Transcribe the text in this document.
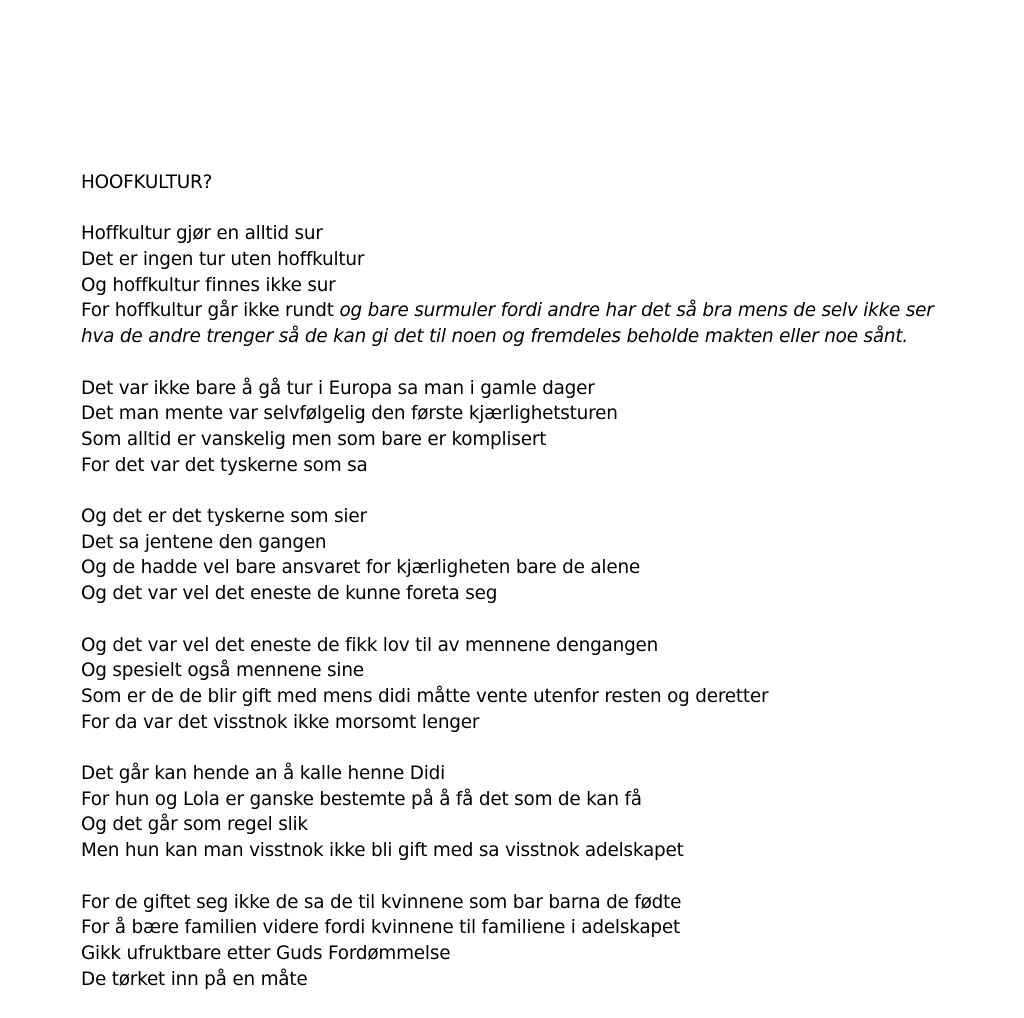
HOOFKULTUR?
Hoffkultur gjør en alltid sur
Det er ingen tur uten hoffkultur
Og hoffkultur finnes ikke sur
For hoffkultur går ikke rundt og bare surmuler fordi andre har det så bra mens de selv ikke ser hva de andre trenger så de kan gi det til noen og fremdeles beholde makten eller noe sånt.
Det var ikke bare å gå tur i Europa sa man i gamle dager
Det man mente var selvfølgelig den første kjærlighetsturen
Som alltid er vanskelig men som bare er komplisert
For det var det tyskerne som sa
Og det er det tyskerne som sier
Det sa jentene den gangen
Og de hadde vel bare ansvaret for kjærligheten bare de alene
Og det var vel det eneste de kunne foreta seg
Og det var vel det eneste de fikk lov til av mennene dengangen
Og spesielt også mennene sine
Som er de de blir gift med mens didi måtte vente utenfor resten og deretter
For da var det visstnok ikke morsomt lenger
Det går kan hende an å kalle henne Didi
For hun og Lola er ganske bestemte på å få det som de kan få
Og det går som regel slik
Men hun kan man visstnok ikke bli gift med sa visstnok adelskapet
For de giftet seg ikke de sa de til kvinnene som bar barna de fødte
For å bære familien videre fordi kvinnene til familiene i adelskapet
Gikk ufruktbare etter Guds Fordømmelse
De tørket inn på en måte
